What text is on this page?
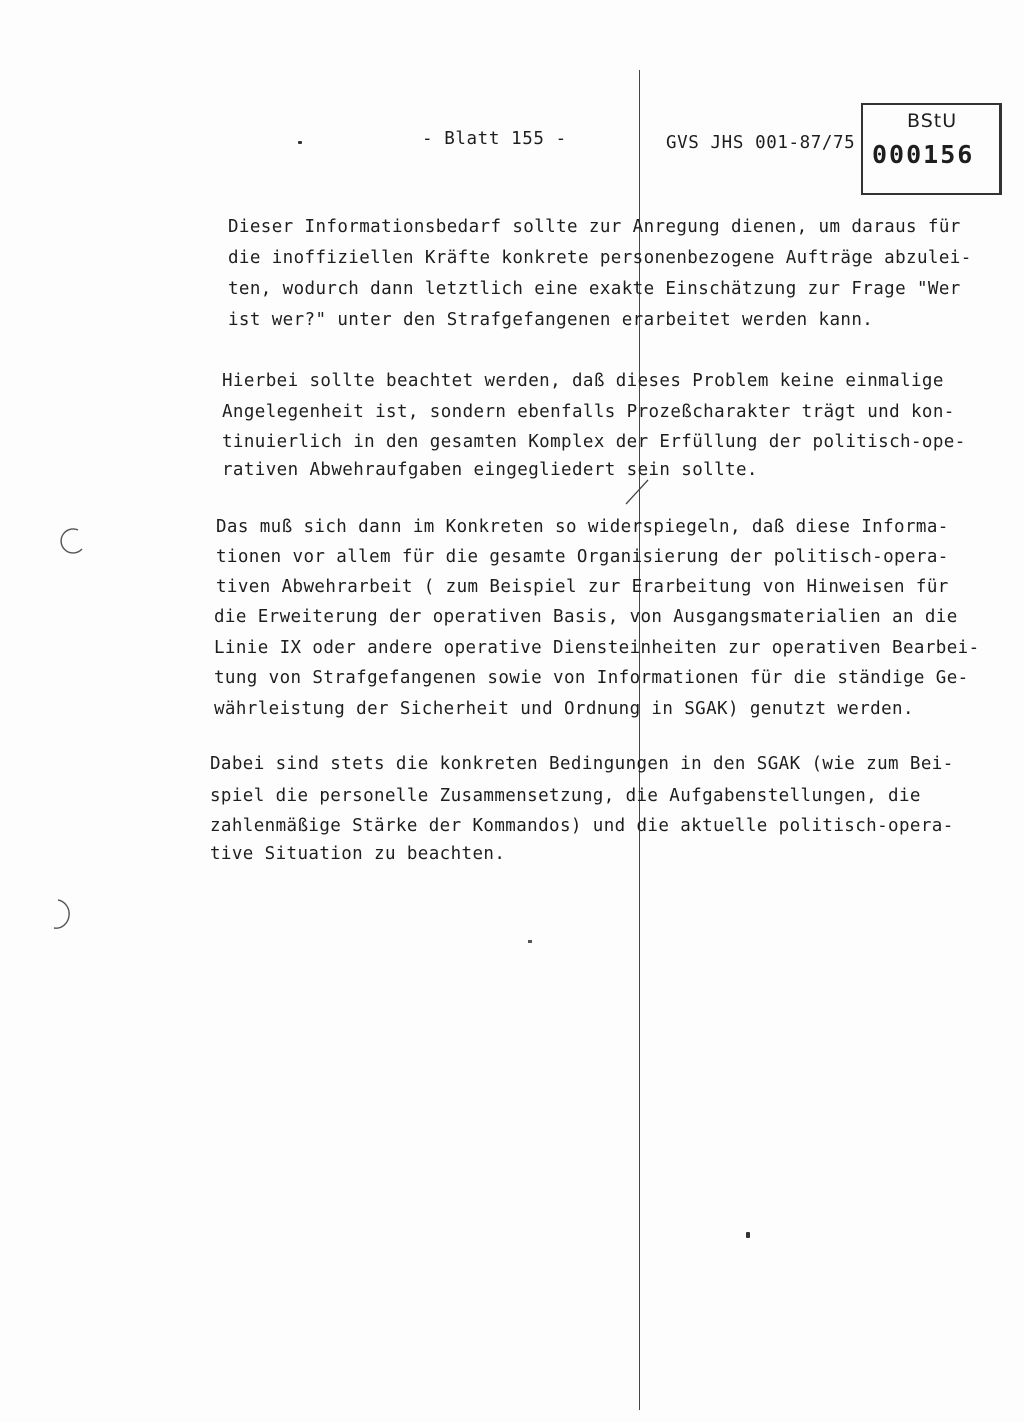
- Blatt 155 -	GVS JHS 001-87/75
BStU
000156
Dieser Informationsbedarf sollte zur Anregung dienen, um daraus für
die inoffiziellen Kräfte konkrete personenbezogene Aufträge abzulei-
ten, wodurch dann letztlich eine exakte Einschätzung zur Frage "Wer
ist wer?" unter den Strafgefangenen erarbeitet werden kann.
Hierbei sollte beachtet werden, daß dieses Problem keine einmalige
Angelegenheit ist, sondern ebenfalls Prozeßcharakter trägt und kon-
tinuierlich in den gesamten Komplex der Erfüllung der politisch-ope-
rativen Abwehraufgaben eingegliedert sein sollte.
Das muß sich dann im Konkreten so widerspiegeln, daß diese Informa-
tionen vor allem für die gesamte Organisierung der politisch-opera-
tiven Abwehrarbeit ( zum Beispiel zur Erarbeitung von Hinweisen für
die Erweiterung der operativen Basis, von Ausgangsmaterialien an die
Linie IX oder andere operative Diensteinheiten zur operativen Bearbei-
tung von Strafgefangenen sowie von Informationen für die ständige Ge-
währleistung der Sicherheit und Ordnung in SGAK) genutzt werden.
Dabei sind stets die konkreten Bedingungen in den SGAK (wie zum Bei-
spiel die personelle Zusammensetzung, die Aufgabenstellungen, die
zahlenmäßige Stärke der Kommandos) und die aktuelle politisch-opera-
tive Situation zu beachten.
